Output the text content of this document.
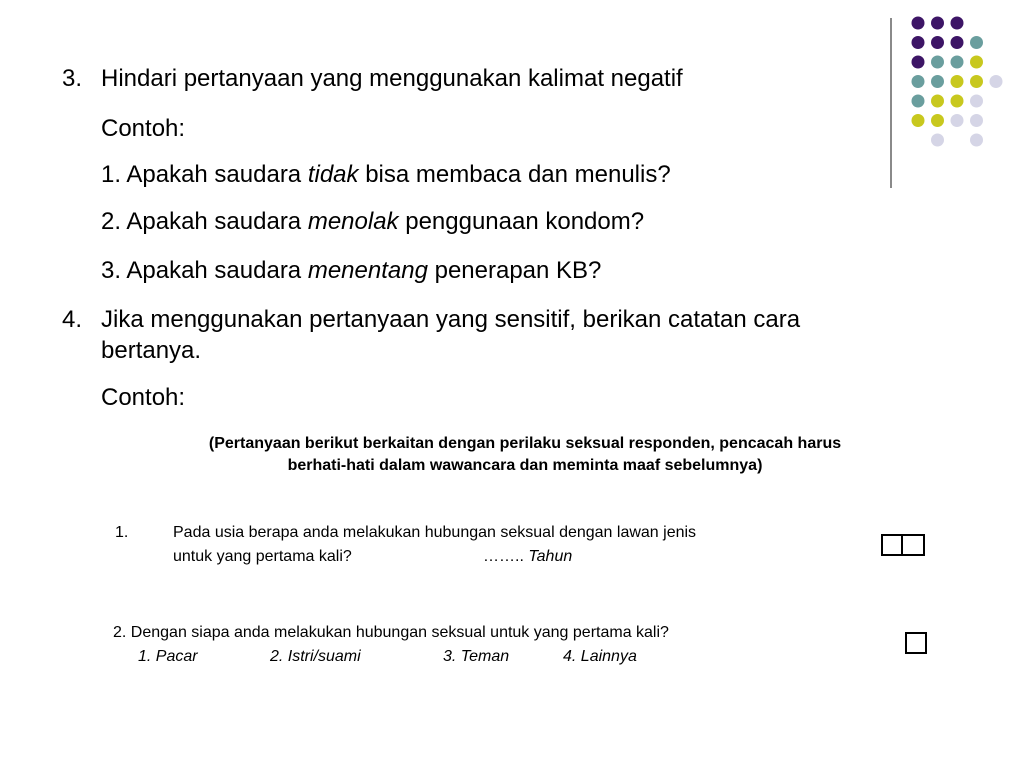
3. Hindari pertanyaan yang menggunakan kalimat negatif
Contoh:
1. Apakah saudara tidak bisa membaca dan menulis?
2. Apakah saudara menolak penggunaan kondom?
3. Apakah saudara menentang penerapan KB?
4. Jika menggunakan pertanyaan yang sensitif, berikan catatan cara
bertanya.
Contoh:
(Pertanyaan berikut berkaitan dengan perilaku seksual responden, pencacah harus
berhati-hati dalam wawancara dan meminta maaf sebelumnya)
1.	Pada usia berapa anda melakukan hubungan seksual dengan lawan jenis
untuk yang pertama kali?	…….. Tahun
2. Dengan siapa anda melakukan hubungan seksual untuk yang pertama kali?
1. Pacar	2. Istri/suami	3. Teman	4. Lainnya
